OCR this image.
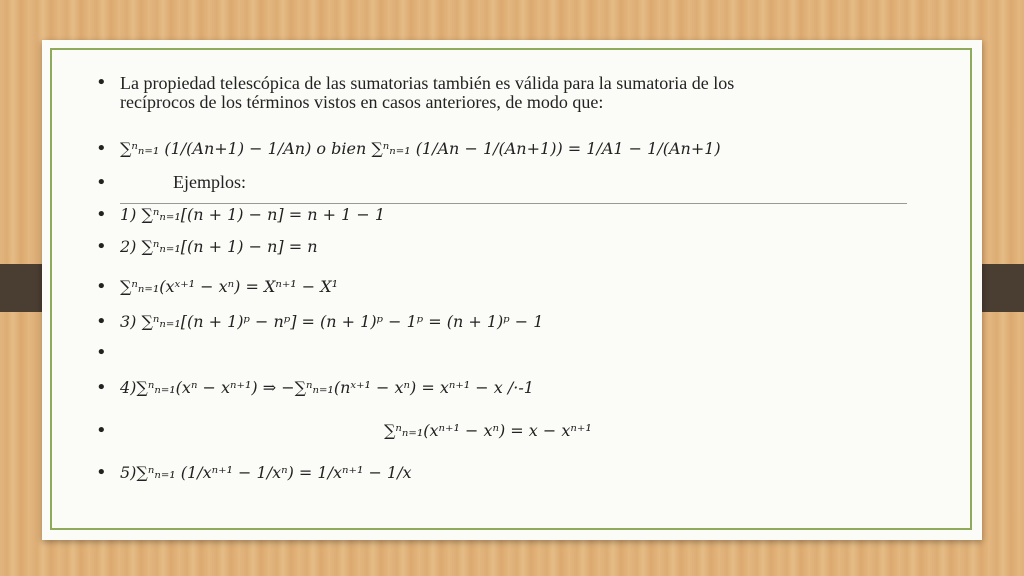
•
•
•
•
•
•
•
•
•
•
•
La propiedad telescópica de las sumatorias también es válida para la sumatoria de los
recíprocos de los términos vistos en casos anteriores, de modo que:
∑ⁿₙ₌₁ (1/(An+1) − 1/An) o bien ∑ⁿₙ₌₁ (1/An − 1/(An+1)) = 1/A1 − 1/(An+1)
Ejemplos:
1) ∑ⁿₙ₌₁[(n + 1) − n] = n + 1 − 1
2) ∑ⁿₙ₌₁[(n + 1) − n] = n
∑ⁿₙ₌₁(xˣ⁺¹ − xⁿ) = Xⁿ⁺¹ − X¹
3) ∑ⁿₙ₌₁[(n + 1)ᵖ − nᵖ] = (n + 1)ᵖ − 1ᵖ = (n + 1)ᵖ − 1
4)∑ⁿₙ₌₁(xⁿ − xⁿ⁺¹) ⇒ −∑ⁿₙ₌₁(nˣ⁺¹ − xⁿ) = xⁿ⁺¹ − x /·-1
∑ⁿₙ₌₁(xⁿ⁺¹ − xⁿ) = x − xⁿ⁺¹
5)∑ⁿₙ₌₁ (1/xⁿ⁺¹ − 1/xⁿ) = 1/xⁿ⁺¹ − 1/x
